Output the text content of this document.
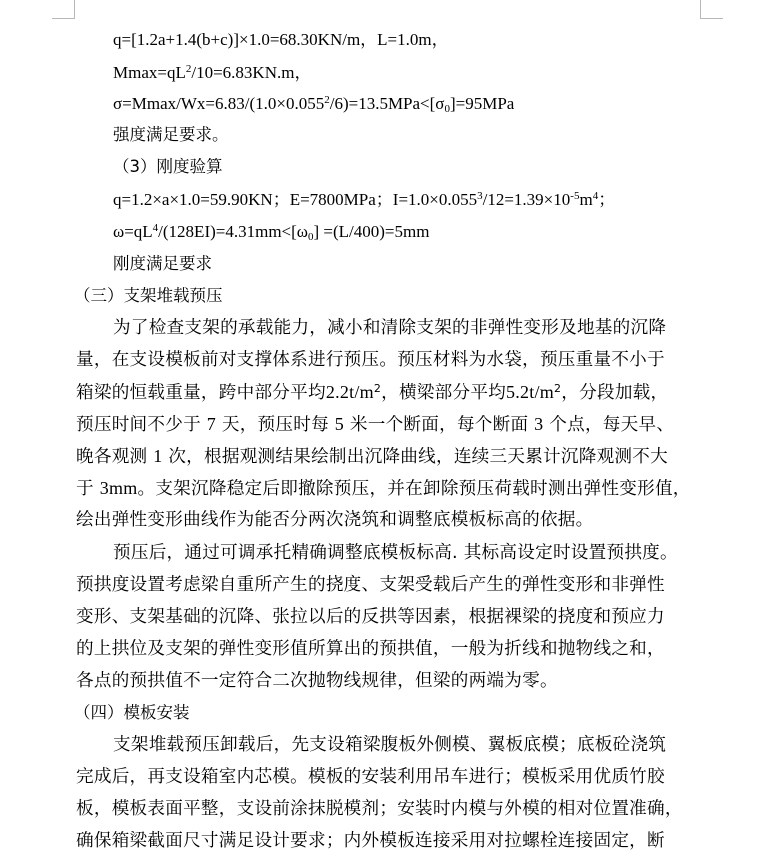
q=[1.2a+1.4(b+c)]×1.0=68.30KN/m，L=1.0m，
$Mmax=qL^2/10=6.83KN.m$，
$\sigma=Mmax/Wx=6.83/(1.0\times 0.055^2/6)=13.5MPa<[\sigma_0]=95MPa$
强度满足要求。
（3）刚度验算
q=1.2×a×1.0=59.90KN；E=7800MPa；$I=1.0\times 0.055^3/12=1.39\times 10^{-5}m^4$；
$\omega=qL^4/(128EI)=4.31mm<[\omega_0] =(L/400)=5mm$
刚度满足要求
（三）支架堆载预压
为了检查支架的承载能力，减小和清除支架的非弹性变形及地基的沉降
量，在支设模板前对支撑体系进行预压。预压材料为水袋，预压重量不小于
箱梁的恒载重量，跨中部分平均$2.2t/m^2$，横梁部分平均$5.2t/m^2$，分段加载，
预压时间不少于 7 天，预压时每 5 米一个断面，每个断面 3 个点，每天早、
晚各观测 1 次，根据观测结果绘制出沉降曲线，连续三天累计沉降观测不大
于 3mm。支架沉降稳定后即撤除预压，并在卸除预压荷载时测出弹性变形值，
绘出弹性变形曲线作为能否分两次浇筑和调整底模板标高的依据。
预压后，通过可调承托精确调整底模板标高. 其标高设定时设置预拱度。
预拱度设置考虑梁自重所产生的挠度、支架受载后产生的弹性变形和非弹性
变形、支架基础的沉降、张拉以后的反拱等因素，根据裸梁的挠度和预应力
的上拱位及支架的弹性变形值所算出的预拱值，一般为折线和抛物线之和，
各点的预拱值不一定符合二次抛物线规律，但梁的两端为零。
（四）模板安装
支架堆载预压卸载后，先支设箱梁腹板外侧模、翼板底模；底板砼浇筑
完成后，再支设箱室内芯模。模板的安装利用吊车进行；模板采用优质竹胶
板，模板表面平整，支设前涂抹脱模剂；安装时内模与外模的相对位置准确，
确保箱梁截面尺寸满足设计要求；内外模板连接采用对拉螺栓连接固定，断
